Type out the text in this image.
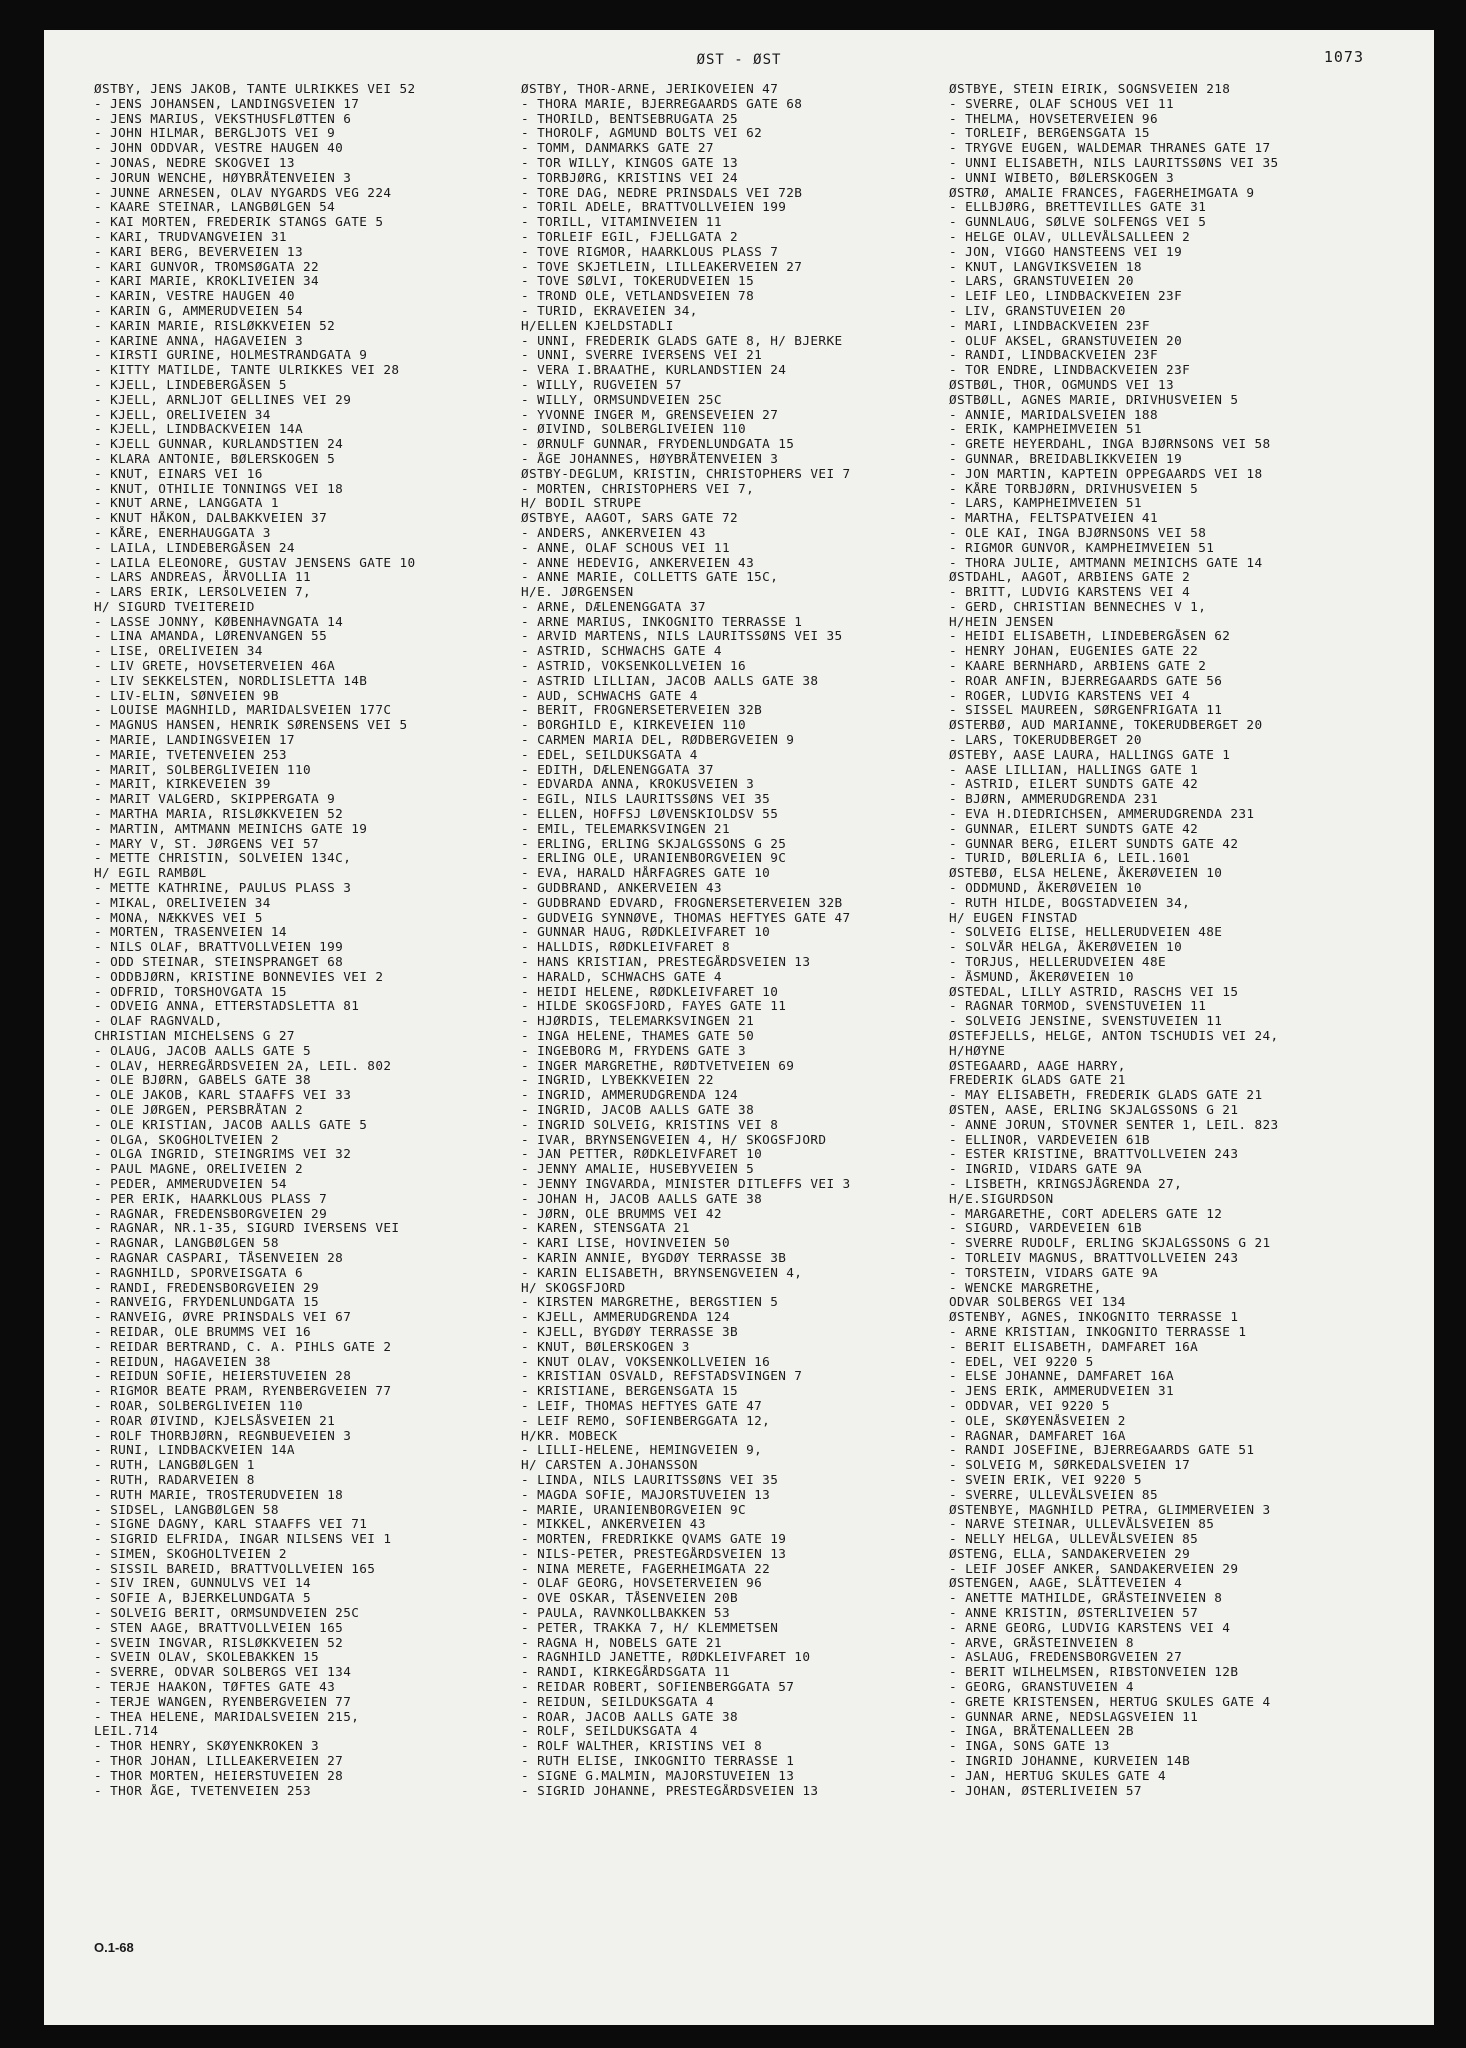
ØST - ØST	1073
ØSTBY, JENS JAKOB, TANTE ULRIKKES VEI 52
- JENS JOHANSEN, LANDINGSVEIEN 17
- JENS MARIUS, VEKSTHUSFLØTTEN 6
- JOHN HILMAR, BERGLJOTS VEI 9
- JOHN ODDVAR, VESTRE HAUGEN 40
- JONAS, NEDRE SKOGVEI 13
- JORUN WENCHE, HØYBRÅTENVEIEN 3
- JUNNE ARNESEN, OLAV NYGARDS VEG 224
- KAARE STEINAR, LANGBØLGEN 54
- KAI MORTEN, FREDERIK STANGS GATE 5
- KARI, TRUDVANGVEIEN 31
- KARI BERG, BEVERVEIEN 13
- KARI GUNVOR, TROMSØGATA 22
- KARI MARIE, KROKLIVEIEN 34
- KARIN, VESTRE HAUGEN 40
- KARIN G, AMMERUDVEIEN 54
- KARIN MARIE, RISLØKKVEIEN 52
- KARINE ANNA, HAGAVEIEN 3
- KIRSTI GURINE, HOLMESTRANDGATA 9
- KITTY MATILDE, TANTE ULRIKKES VEI 28
- KJELL, LINDEBERGÅSEN 5
- KJELL, ARNLJOT GELLINES VEI 29
- KJELL, ORELIVEIEN 34
- KJELL, LINDBACKVEIEN 14A
- KJELL GUNNAR, KURLANDSTIEN 24
- KLARA ANTONIE, BØLERSKOGEN 5
- KNUT, EINARS VEI 16
- KNUT, OTHILIE TONNINGS VEI 18
- KNUT ARNE, LANGGATA 1
- KNUT HÅKON, DALBAKKVEIEN 37
- KÅRE, ENERHAUGGATA 3
- LAILA, LINDEBERGÅSEN 24
- LAILA ELEONORE, GUSTAV JENSENS GATE 10
- LARS ANDREAS, ÅRVOLLIA 11
- LARS ERIK, LERSOLVEIEN 7,
H/ SIGURD TVEITEREID
- LASSE JONNY, KØBENHAVNGATA 14
- LINA AMANDA, LØRENVANGEN 55
- LISE, ORELIVEIEN 34
- LIV GRETE, HOVSETERVEIEN 46A
- LIV SEKKELSTEN, NORDLISLETTA 14B
- LIV-ELIN, SØNVEIEN 9B
- LOUISE MAGNHILD, MARIDALSVEIEN 177C
- MAGNUS HANSEN, HENRIK SØRENSENS VEI 5
- MARIE, LANDINGSVEIEN 17
- MARIE, TVETENVEIEN 253
- MARIT, SOLBERGLIVEIEN 110
- MARIT, KIRKEVEIEN 39
- MARIT VALGERD, SKIPPERGATA 9
- MARTHA MARIA, RISLØKKVEIEN 52
- MARTIN, AMTMANN MEINICHS GATE 19
- MARY V, ST. JØRGENS VEI 57
- METTE CHRISTIN, SOLVEIEN 134C,
H/ EGIL RAMBØL
- METTE KATHRINE, PAULUS PLASS 3
- MIKAL, ORELIVEIEN 34
- MONA, NÆKKVES VEI 5
- MORTEN, TRASENVEIEN 14
- NILS OLAF, BRATTVOLLVEIEN 199
- ODD STEINAR, STEINSPRANGET 68
- ODDBJØRN, KRISTINE BONNEVIES VEI 2
- ODFRID, TORSHOVGATA 15
- ODVEIG ANNA, ETTERSTADSLETTA 81
- OLAF RAGNVALD,
CHRISTIAN MICHELSENS G 27
- OLAUG, JACOB AALLS GATE 5
- OLAV, HERREGÅRDSVEIEN 2A, LEIL. 802
- OLE BJØRN, GABELS GATE 38
- OLE JAKOB, KARL STAAFFS VEI 33
- OLE JØRGEN, PERSBRÅTAN 2
- OLE KRISTIAN, JACOB AALLS GATE 5
- OLGA, SKOGHOLTVEIEN 2
- OLGA INGRID, STEINGRIMS VEI 32
- PAUL MAGNE, ORELIVEIEN 2
- PEDER, AMMERUDVEIEN 54
- PER ERIK, HAARKLOUS PLASS 7
- RAGNAR, FREDENSBORGVEIEN 29
- RAGNAR, NR.1-35, SIGURD IVERSENS VEI
- RAGNAR, LANGBØLGEN 58
- RAGNAR CASPARI, TÅSENVEIEN 28
- RAGNHILD, SPORVEISGATA 6
- RANDI, FREDENSBORGVEIEN 29
- RANVEIG, FRYDENLUNDGATA 15
- RANVEIG, ØVRE PRINSDALS VEI 67
- REIDAR, OLE BRUMMS VEI 16
- REIDAR BERTRAND, C. A. PIHLS GATE 2
- REIDUN, HAGAVEIEN 38
- REIDUN SOFIE, HEIERSTUVEIEN 28
- RIGMOR BEATE PRAM, RYENBERGVEIEN 77
- ROAR, SOLBERGLIVEIEN 110
- ROAR ØIVIND, KJELSÅSVEIEN 21
- ROLF THORBJØRN, REGNBUEVEIEN 3
- RUNI, LINDBACKVEIEN 14A
- RUTH, LANGBØLGEN 1
- RUTH, RADARVEIEN 8
- RUTH MARIE, TROSTERUDVEIEN 18
- SIDSEL, LANGBØLGEN 58
- SIGNE DAGNY, KARL STAAFFS VEI 71
- SIGRID ELFRIDA, INGAR NILSENS VEI 1
- SIMEN, SKOGHOLTVEIEN 2
- SISSIL BAREID, BRATTVOLLVEIEN 165
- SIV IREN, GUNNULVS VEI 14
- SOFIE A, BJERKELUNDGATA 5
- SOLVEIG BERIT, ORMSUNDVEIEN 25C
- STEN AAGE, BRATTVOLLVEIEN 165
- SVEIN INGVAR, RISLØKKVEIEN 52
- SVEIN OLAV, SKOLEBAKKEN 15
- SVERRE, ODVAR SOLBERGS VEI 134
- TERJE HAAKON, TØFTES GATE 43
- TERJE WANGEN, RYENBERGVEIEN 77
- THEA HELENE, MARIDALSVEIEN 215,
LEIL.714
- THOR HENRY, SKØYENKROKEN 3
- THOR JOHAN, LILLEAKERVEIEN 27
- THOR MORTEN, HEIERSTUVEIEN 28
- THOR ÅGE, TVETENVEIEN 253
ØSTBY, THOR-ARNE, JERIKOVEIEN 47
- THORA MARIE, BJERREGAARDS GATE 68
- THORILD, BENTSEBRUGATA 25
- THOROLF, AGMUND BOLTS VEI 62
- TOMM, DANMARKS GATE 27
- TOR WILLY, KINGOS GATE 13
- TORBJØRG, KRISTINS VEI 24
- TORE DAG, NEDRE PRINSDALS VEI 72B
- TORIL ADELE, BRATTVOLLVEIEN 199
- TORILL, VITAMINVEIEN 11
- TORLEIF EGIL, FJELLGATA 2
- TOVE RIGMOR, HAARKLOUS PLASS 7
- TOVE SKJETLEIN, LILLEAKERVEIEN 27
- TOVE SØLVI, TOKERUDVEIEN 15
- TROND OLE, VETLANDSVEIEN 78
- TURID, EKRAVEIEN 34,
H/ELLEN KJELDSTADLI
- UNNI, FREDERIK GLADS GATE 8, H/ BJERKE
- UNNI, SVERRE IVERSENS VEI 21
- VERA I.BRAATHE, KURLANDSTIEN 24
- WILLY, RUGVEIEN 57
- WILLY, ORMSUNDVEIEN 25C
- YVONNE INGER M, GRENSEVEIEN 27
- ØIVIND, SOLBERGLIVEIEN 110
- ØRNULF GUNNAR, FRYDENLUNDGATA 15
- ÅGE JOHANNES, HØYBRÅTENVEIEN 3
ØSTBY-DEGLUM, KRISTIN, CHRISTOPHERS VEI 7
- MORTEN, CHRISTOPHERS VEI 7,
H/ BODIL STRUPE
ØSTBYE, AAGOT, SARS GATE 72
- ANDERS, ANKERVEIEN 43
- ANNE, OLAF SCHOUS VEI 11
- ANNE HEDEVIG, ANKERVEIEN 43
- ANNE MARIE, COLLETTS GATE 15C,
H/E. JØRGENSEN
- ARNE, DÆLENENGGATA 37
- ARNE MARIUS, INKOGNITO TERRASSE 1
- ARVID MARTENS, NILS LAURITSSØNS VEI 35
- ASTRID, SCHWACHS GATE 4
- ASTRID, VOKSENKOLLVEIEN 16
- ASTRID LILLIAN, JACOB AALLS GATE 38
- AUD, SCHWACHS GATE 4
- BERIT, FROGNERSETERVEIEN 32B
- BORGHILD E, KIRKEVEIEN 110
- CARMEN MARIA DEL, RØDBERGVEIEN 9
- EDEL, SEILDUKSGATA 4
- EDITH, DÆLENENGGATA 37
- EDVARDA ANNA, KROKUSVEIEN 3
- EGIL, NILS LAURITSSØNS VEI 35
- ELLEN, HOFFSJ LØVENSKIOLDSV 55
- EMIL, TELEMARKSVINGEN 21
- ERLING, ERLING SKJALGSSONS G 25
- ERLING OLE, URANIENBORGVEIEN 9C
- EVA, HARALD HÅRFAGRES GATE 10
- GUDBRAND, ANKERVEIEN 43
- GUDBRAND EDVARD, FROGNERSETERVEIEN 32B
- GUDVEIG SYNNØVE, THOMAS HEFTYES GATE 47
- GUNNAR HAUG, RØDKLEIVFARET 10
- HALLDIS, RØDKLEIVFARET 8
- HANS KRISTIAN, PRESTEGÅRDSVEIEN 13
- HARALD, SCHWACHS GATE 4
- HEIDI HELENE, RØDKLEIVFARET 10
- HILDE SKOGSFJORD, FAYES GATE 11
- HJØRDIS, TELEMARKSVINGEN 21
- INGA HELENE, THAMES GATE 50
- INGEBORG M, FRYDENS GATE 3
- INGER MARGRETHE, RØDTVETVEIEN 69
- INGRID, LYBEKKVEIEN 22
- INGRID, AMMERUDGRENDA 124
- INGRID, JACOB AALLS GATE 38
- INGRID SOLVEIG, KRISTINS VEI 8
- IVAR, BRYNSENGVEIEN 4, H/ SKOGSFJORD
- JAN PETTER, RØDKLEIVFARET 10
- JENNY AMALIE, HUSEBYVEIEN 5
- JENNY INGVARDA, MINISTER DITLEFFS VEI 3
- JOHAN H, JACOB AALLS GATE 38
- JØRN, OLE BRUMMS VEI 42
- KAREN, STENSGATA 21
- KARI LISE, HOVINVEIEN 50
- KARIN ANNIE, BYGDØY TERRASSE 3B
- KARIN ELISABETH, BRYNSENGVEIEN 4,
H/ SKOGSFJORD
- KIRSTEN MARGRETHE, BERGSTIEN 5
- KJELL, AMMERUDGRENDA 124
- KJELL, BYGDØY TERRASSE 3B
- KNUT, BØLERSKOGEN 3
- KNUT OLAV, VOKSENKOLLVEIEN 16
- KRISTIAN OSVALD, REFSTADSVINGEN 7
- KRISTIANE, BERGENSGATA 15
- LEIF, THOMAS HEFTYES GATE 47
- LEIF REMO, SOFIENBERGGATA 12,
H/KR. MOBECK
- LILLI-HELENE, HEMINGVEIEN 9,
H/ CARSTEN A.JOHANSSON
- LINDA, NILS LAURITSSØNS VEI 35
- MAGDA SOFIE, MAJORSTUVEIEN 13
- MARIE, URANIENBORGVEIEN 9C
- MIKKEL, ANKERVEIEN 43
- MORTEN, FREDRIKKE QVAMS GATE 19
- NILS-PETER, PRESTEGÅRDSVEIEN 13
- NINA MERETE, FAGERHEIMGATA 22
- OLAF GEORG, HOVSETERVEIEN 96
- OVE OSKAR, TÅSENVEIEN 20B
- PAULA, RAVNKOLLBAKKEN 53
- PETER, TRAKKA 7, H/ KLEMMETSEN
- RAGNA H, NOBELS GATE 21
- RAGNHILD JANETTE, RØDKLEIVFARET 10
- RANDI, KIRKEGÅRDSGATA 11
- REIDAR ROBERT, SOFIENBERGGATA 57
- REIDUN, SEILDUKSGATA 4
- ROAR, JACOB AALLS GATE 38
- ROLF, SEILDUKSGATA 4
- ROLF WALTHER, KRISTINS VEI 8
- RUTH ELISE, INKOGNITO TERRASSE 1
- SIGNE G.MALMIN, MAJORSTUVEIEN 13
- SIGRID JOHANNE, PRESTEGÅRDSVEIEN 13
ØSTBYE, STEIN EIRIK, SOGNSVEIEN 218
- SVERRE, OLAF SCHOUS VEI 11
- THELMA, HOVSETERVEIEN 96
- TORLEIF, BERGENSGATA 15
- TRYGVE EUGEN, WALDEMAR THRANES GATE 17
- UNNI ELISABETH, NILS LAURITSSØNS VEI 35
- UNNI WIBETO, BØLERSKOGEN 3
ØSTRØ, AMALIE FRANCES, FAGERHEIMGATA 9
- ELLBJØRG, BRETTEVILLES GATE 31
- GUNNLAUG, SØLVE SOLFENGS VEI 5
- HELGE OLAV, ULLEVÅLSALLEEN 2
- JON, VIGGO HANSTEENS VEI 19
- KNUT, LANGVIKSVEIEN 18
- LARS, GRANSTUVEIEN 20
- LEIF LEO, LINDBACKVEIEN 23F
- LIV, GRANSTUVEIEN 20
- MARI, LINDBACKVEIEN 23F
- OLUF AKSEL, GRANSTUVEIEN 20
- RANDI, LINDBACKVEIEN 23F
- TOR ENDRE, LINDBACKVEIEN 23F
ØSTBØL, THOR, OGMUNDS VEI 13
ØSTBØLL, AGNES MARIE, DRIVHUSVEIEN 5
- ANNIE, MARIDALSVEIEN 188
- ERIK, KAMPHEIMVEIEN 51
- GRETE HEYERDAHL, INGA BJØRNSONS VEI 58
- GUNNAR, BREIDABLIKKVEIEN 19
- JON MARTIN, KAPTEIN OPPEGAARDS VEI 18
- KÅRE TORBJØRN, DRIVHUSVEIEN 5
- LARS, KAMPHEIMVEIEN 51
- MARTHA, FELTSPATVEIEN 41
- OLE KAI, INGA BJØRNSONS VEI 58
- RIGMOR GUNVOR, KAMPHEIMVEIEN 51
- THORA JULIE, AMTMANN MEINICHS GATE 14
ØSTDAHL, AAGOT, ARBIENS GATE 2
- BRITT, LUDVIG KARSTENS VEI 4
- GERD, CHRISTIAN BENNECHES V 1,
H/HEIN JENSEN
- HEIDI ELISABETH, LINDEBERGÅSEN 62
- HENRY JOHAN, EUGENIES GATE 22
- KAARE BERNHARD, ARBIENS GATE 2
- ROAR ANFIN, BJERREGAARDS GATE 56
- ROGER, LUDVIG KARSTENS VEI 4
- SISSEL MAUREEN, SØRGENFRIGATA 11
ØSTERBØ, AUD MARIANNE, TOKERUDBERGET 20
- LARS, TOKERUDBERGET 20
ØSTEBY, AASE LAURA, HALLINGS GATE 1
- AASE LILLIAN, HALLINGS GATE 1
- ASTRID, EILERT SUNDTS GATE 42
- BJØRN, AMMERUDGRENDA 231
- EVA H.DIEDRICHSEN, AMMERUDGRENDA 231
- GUNNAR, EILERT SUNDTS GATE 42
- GUNNAR BERG, EILERT SUNDTS GATE 42
- TURID, BØLERLIA 6, LEIL.1601
ØSTEBØ, ELSA HELENE, ÅKERØVEIEN 10
- ODDMUND, ÅKERØVEIEN 10
- RUTH HILDE, BOGSTADVEIEN 34,
H/ EUGEN FINSTAD
- SOLVEIG ELISE, HELLERUDVEIEN 48E
- SOLVÅR HELGA, ÅKERØVEIEN 10
- TORJUS, HELLERUDVEIEN 48E
- ÅSMUND, ÅKERØVEIEN 10
ØSTEDAL, LILLY ASTRID, RASCHS VEI 15
- RAGNAR TORMOD, SVENSTUVEIEN 11
- SOLVEIG JENSINE, SVENSTUVEIEN 11
ØSTEFJELLS, HELGE, ANTON TSCHUDIS VEI 24,
H/HØYNE
ØSTEGAARD, AAGE HARRY,
FREDERIK GLADS GATE 21
- MAY ELISABETH, FREDERIK GLADS GATE 21
ØSTEN, AASE, ERLING SKJALGSSONS G 21
- ANNE JORUN, STOVNER SENTER 1, LEIL. 823
- ELLINOR, VARDEVEIEN 61B
- ESTER KRISTINE, BRATTVOLLVEIEN 243
- INGRID, VIDARS GATE 9A
- LISBETH, KRINGSJÅGRENDA 27,
H/E.SIGURDSON
- MARGARETHE, CORT ADELERS GATE 12
- SIGURD, VARDEVEIEN 61B
- SVERRE RUDOLF, ERLING SKJALGSSONS G 21
- TORLEIV MAGNUS, BRATTVOLLVEIEN 243
- TORSTEIN, VIDARS GATE 9A
- WENCKE MARGRETHE,
ODVAR SOLBERGS VEI 134
ØSTENBY, AGNES, INKOGNITO TERRASSE 1
- ARNE KRISTIAN, INKOGNITO TERRASSE 1
- BERIT ELISABETH, DAMFARET 16A
- EDEL, VEI 9220 5
- ELSE JOHANNE, DAMFARET 16A
- JENS ERIK, AMMERUDVEIEN 31
- ODDVAR, VEI 9220 5
- OLE, SKØYENÅSVEIEN 2
- RAGNAR, DAMFARET 16A
- RANDI JOSEFINE, BJERREGAARDS GATE 51
- SOLVEIG M, SØRKEDALSVEIEN 17
- SVEIN ERIK, VEI 9220 5
- SVERRE, ULLEVÅLSVEIEN 85
ØSTENBYE, MAGNHILD PETRA, GLIMMERVEIEN 3
- NARVE STEINAR, ULLEVÅLSVEIEN 85
- NELLY HELGA, ULLEVÅLSVEIEN 85
ØSTENG, ELLA, SANDAKERVEIEN 29
- LEIF JOSEF ANKER, SANDAKERVEIEN 29
ØSTENGEN, AAGE, SLÅTTEVEIEN 4
- ANETTE MATHILDE, GRÅSTEINVEIEN 8
- ANNE KRISTIN, ØSTERLIVEIEN 57
- ARNE GEORG, LUDVIG KARSTENS VEI 4
- ARVE, GRÅSTEINVEIEN 8
- ASLAUG, FREDENSBORGVEIEN 27
- BERIT WILHELMSEN, RIBSTONVEIEN 12B
- GEORG, GRANSTUVEIEN 4
- GRETE KRISTENSEN, HERTUG SKULES GATE 4
- GUNNAR ARNE, NEDSLAGSVEIEN 11
- INGA, BRÅTENALLEEN 2B
- INGA, SONS GATE 13
- INGRID JOHANNE, KURVEIEN 14B
- JAN, HERTUG SKULES GATE 4
- JOHAN, ØSTERLIVEIEN 57
O.1-68
